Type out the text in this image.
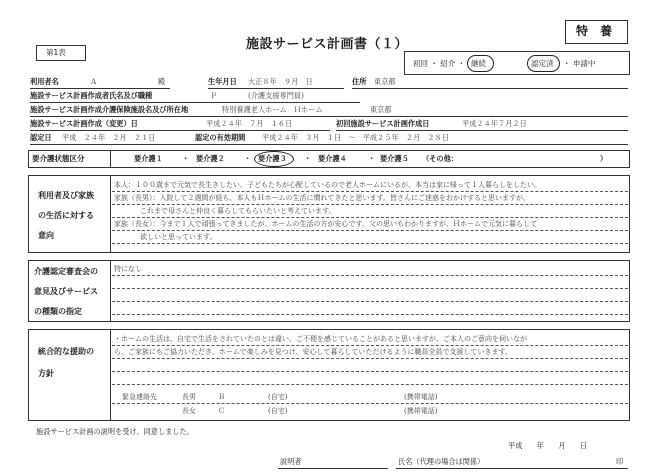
第1表
施設サービス計画書（１）
特　養
初回 ・ 紹介 ・ 継続	認定済 ・ 申請中
利用者名	Ａ	殿	生年月日 大正８年　９月　日	住所 東京都
施設サービス計画作成者氏名及び職種	Ｐ	(介護支援専門員)
施設サービス計画作成介護保険施設名及び所在地	特別養護老人ホーム　Ｈホーム	東京都
施設サービス計画作成（変更）日	平成２４年　７月　１６日	初回施設サービス計画作成日	平成２４年７月２日
認定日 平成　２４年　２月　２１日	認定の有効期間 平成２４年　３月　１日　～　平成２５年　２月　２８日
要介護状態区分	要介護１	・ 要介護２	・ 要介護３ ・ 要介護４	・ 要介護５ （その他：	）
利用者及び家族
の生活に対する
意向
本人：１００歳まで元気で長生きしたい。子どもたちが心配しているので老人ホームにいるが、本当は家に帰って１人暮らしをしたい。
家族（長男）：入院して２週間が経ち、本人もＨホームの生活に慣れてきたと思います。皆さんにご迷惑をおかけすると思いますが、
これまで母さんと仲良く暮らしてもらいたいと考えています。
家族（長女）：今まで１人で頑張ってきましたが、ホームの生活の方が安心です。父の思いもわかりますが、Ｈホームで元気に暮らして
欲しいと思っています。
介護認定審査会の
意見及びサービス
の種類の指定
特になし
統合的な援助の
方針
・ホームの生活は、自宅で生活をされていたのとは違い、ご不便を感じていることがあると思いますが、ご本人のご意向を伺いなが
ら、ご家族にもご協力いただき、ホームで楽しみを見つけ、安心して暮らしていただけるように職員全員で支援していきます。
緊急連絡先	長男	Ｂ	(自宅)	(携帯電話)
長女	Ｃ	(自宅)	(携帯電話)
施設サービス計画の説明を受け、同意しました。
平成　　年　　月　　日
説明者	氏名（代理の場合は関係）	印
